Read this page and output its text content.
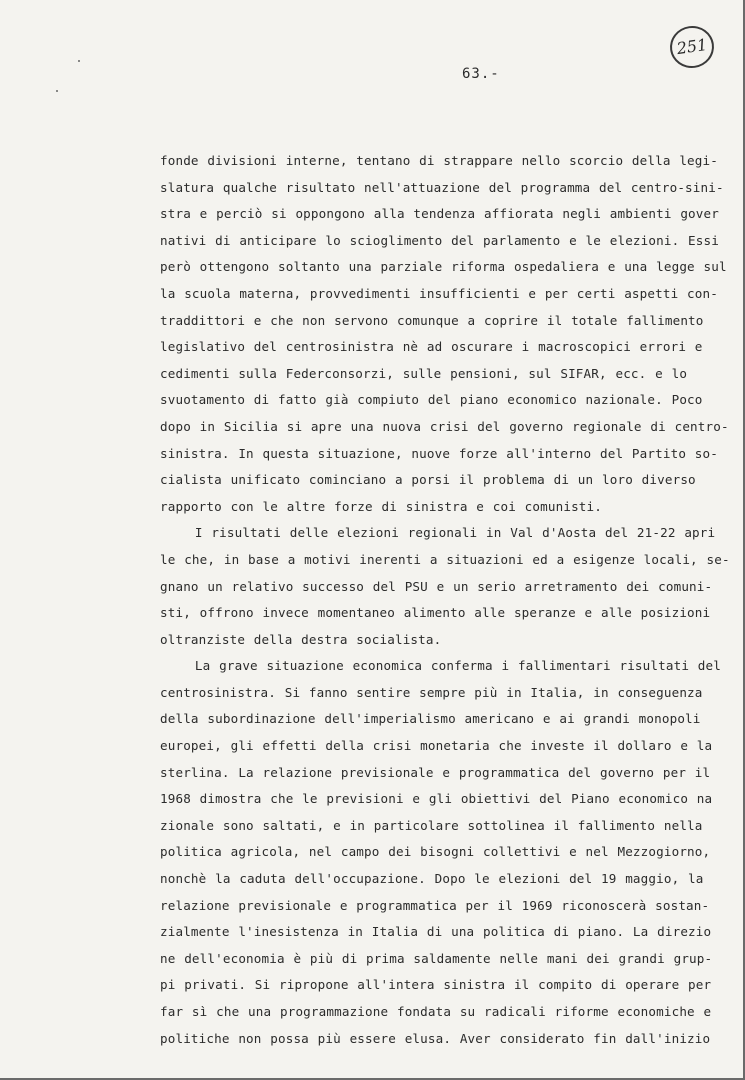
251
63.-
fonde divisioni interne, tentano di strappare nello scorcio della legi-
slatura qualche risultato nell'attuazione del programma del centro-sini-
stra e perciò si oppongono alla tendenza affiorata negli ambienti gover
nativi di anticipare lo scioglimento del parlamento e le elezioni. Essi
però ottengono soltanto una parziale riforma ospedaliera e una legge sul
la scuola materna, provvedimenti insufficienti e per certi aspetti con-
traddittori e che non servono comunque a coprire il totale fallimento
legislativo del centrosinistra nè ad oscurare i macroscopici errori e
cedimenti sulla Federconsorzi, sulle pensioni, sul SIFAR, ecc. e lo
svuotamento di fatto già compiuto del piano economico nazionale. Poco
dopo in Sicilia si apre una nuova crisi del governo regionale di centro-
sinistra. In questa situazione, nuove forze all'interno del Partito so-
cialista unificato cominciano a porsi il problema di un loro diverso
rapporto con le altre forze di sinistra e coi comunisti.
I risultati delle elezioni regionali in Val d'Aosta del 21-22 apri
le che, in base a motivi inerenti a situazioni ed a esigenze locali, se-
gnano un relativo successo del PSU e un serio arretramento dei comuni-
sti, offrono invece momentaneo alimento alle speranze e alle posizioni
oltranziste della destra socialista.
La grave situazione economica conferma i fallimentari risultati del
centrosinistra. Si fanno sentire sempre più in Italia, in conseguenza
della subordinazione dell'imperialismo americano e ai grandi monopoli
europei, gli effetti della crisi monetaria che investe il dollaro e la
sterlina. La relazione previsionale e programmatica del governo per il
1968 dimostra che le previsioni e gli obiettivi del Piano economico na
zionale sono saltati, e in particolare sottolinea il fallimento nella
politica agricola, nel campo dei bisogni collettivi e nel Mezzogiorno,
nonchè la caduta dell'occupazione. Dopo le elezioni del 19 maggio, la
relazione previsionale e programmatica per il 1969 riconoscerà sostan-
zialmente l'inesistenza in Italia di una politica di piano. La direzio
ne dell'economia è più di prima saldamente nelle mani dei grandi grup-
pi privati. Si ripropone all'intera sinistra il compito di operare per
far sì che una programmazione fondata su radicali riforme economiche e
politiche non possa più essere elusa. Aver considerato fin dall'inizio
